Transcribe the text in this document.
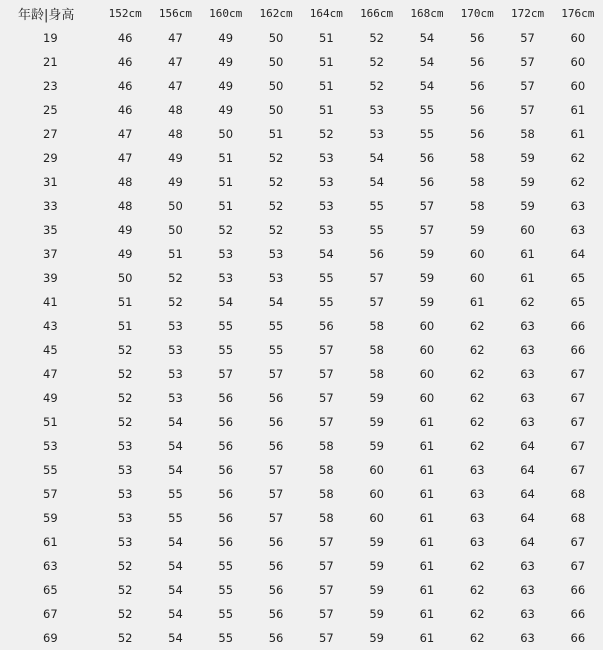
年龄|身高	152cm	156cm	160cm	162cm	164cm	166cm	168cm	170cm	172cm	176cm
19	46	47	49	50	51	52	54	56	57	60
21	46	47	49	50	51	52	54	56	57	60
23	46	47	49	50	51	52	54	56	57	60
25	46	48	49	50	51	53	55	56	57	61
27	47	48	50	51	52	53	55	56	58	61
29	47	49	51	52	53	54	56	58	59	62
31	48	49	51	52	53	54	56	58	59	62
33	48	50	51	52	53	55	57	58	59	63
35	49	50	52	52	53	55	57	59	60	63
37	49	51	53	53	54	56	59	60	61	64
39	50	52	53	53	55	57	59	60	61	65
41	51	52	54	54	55	57	59	61	62	65
43	51	53	55	55	56	58	60	62	63	66
45	52	53	55	55	57	58	60	62	63	66
47	52	53	57	57	57	58	60	62	63	67
49	52	53	56	56	57	59	60	62	63	67
51	52	54	56	56	57	59	61	62	63	67
53	53	54	56	56	58	59	61	62	64	67
55	53	54	56	57	58	60	61	63	64	67
57	53	55	56	57	58	60	61	63	64	68
59	53	55	56	57	58	60	61	63	64	68
61	53	54	56	56	57	59	61	63	64	67
63	52	54	55	56	57	59	61	62	63	67
65	52	54	55	56	57	59	61	62	63	66
67	52	54	55	56	57	59	61	62	63	66
69	52	54	55	56	57	59	61	62	63	66
